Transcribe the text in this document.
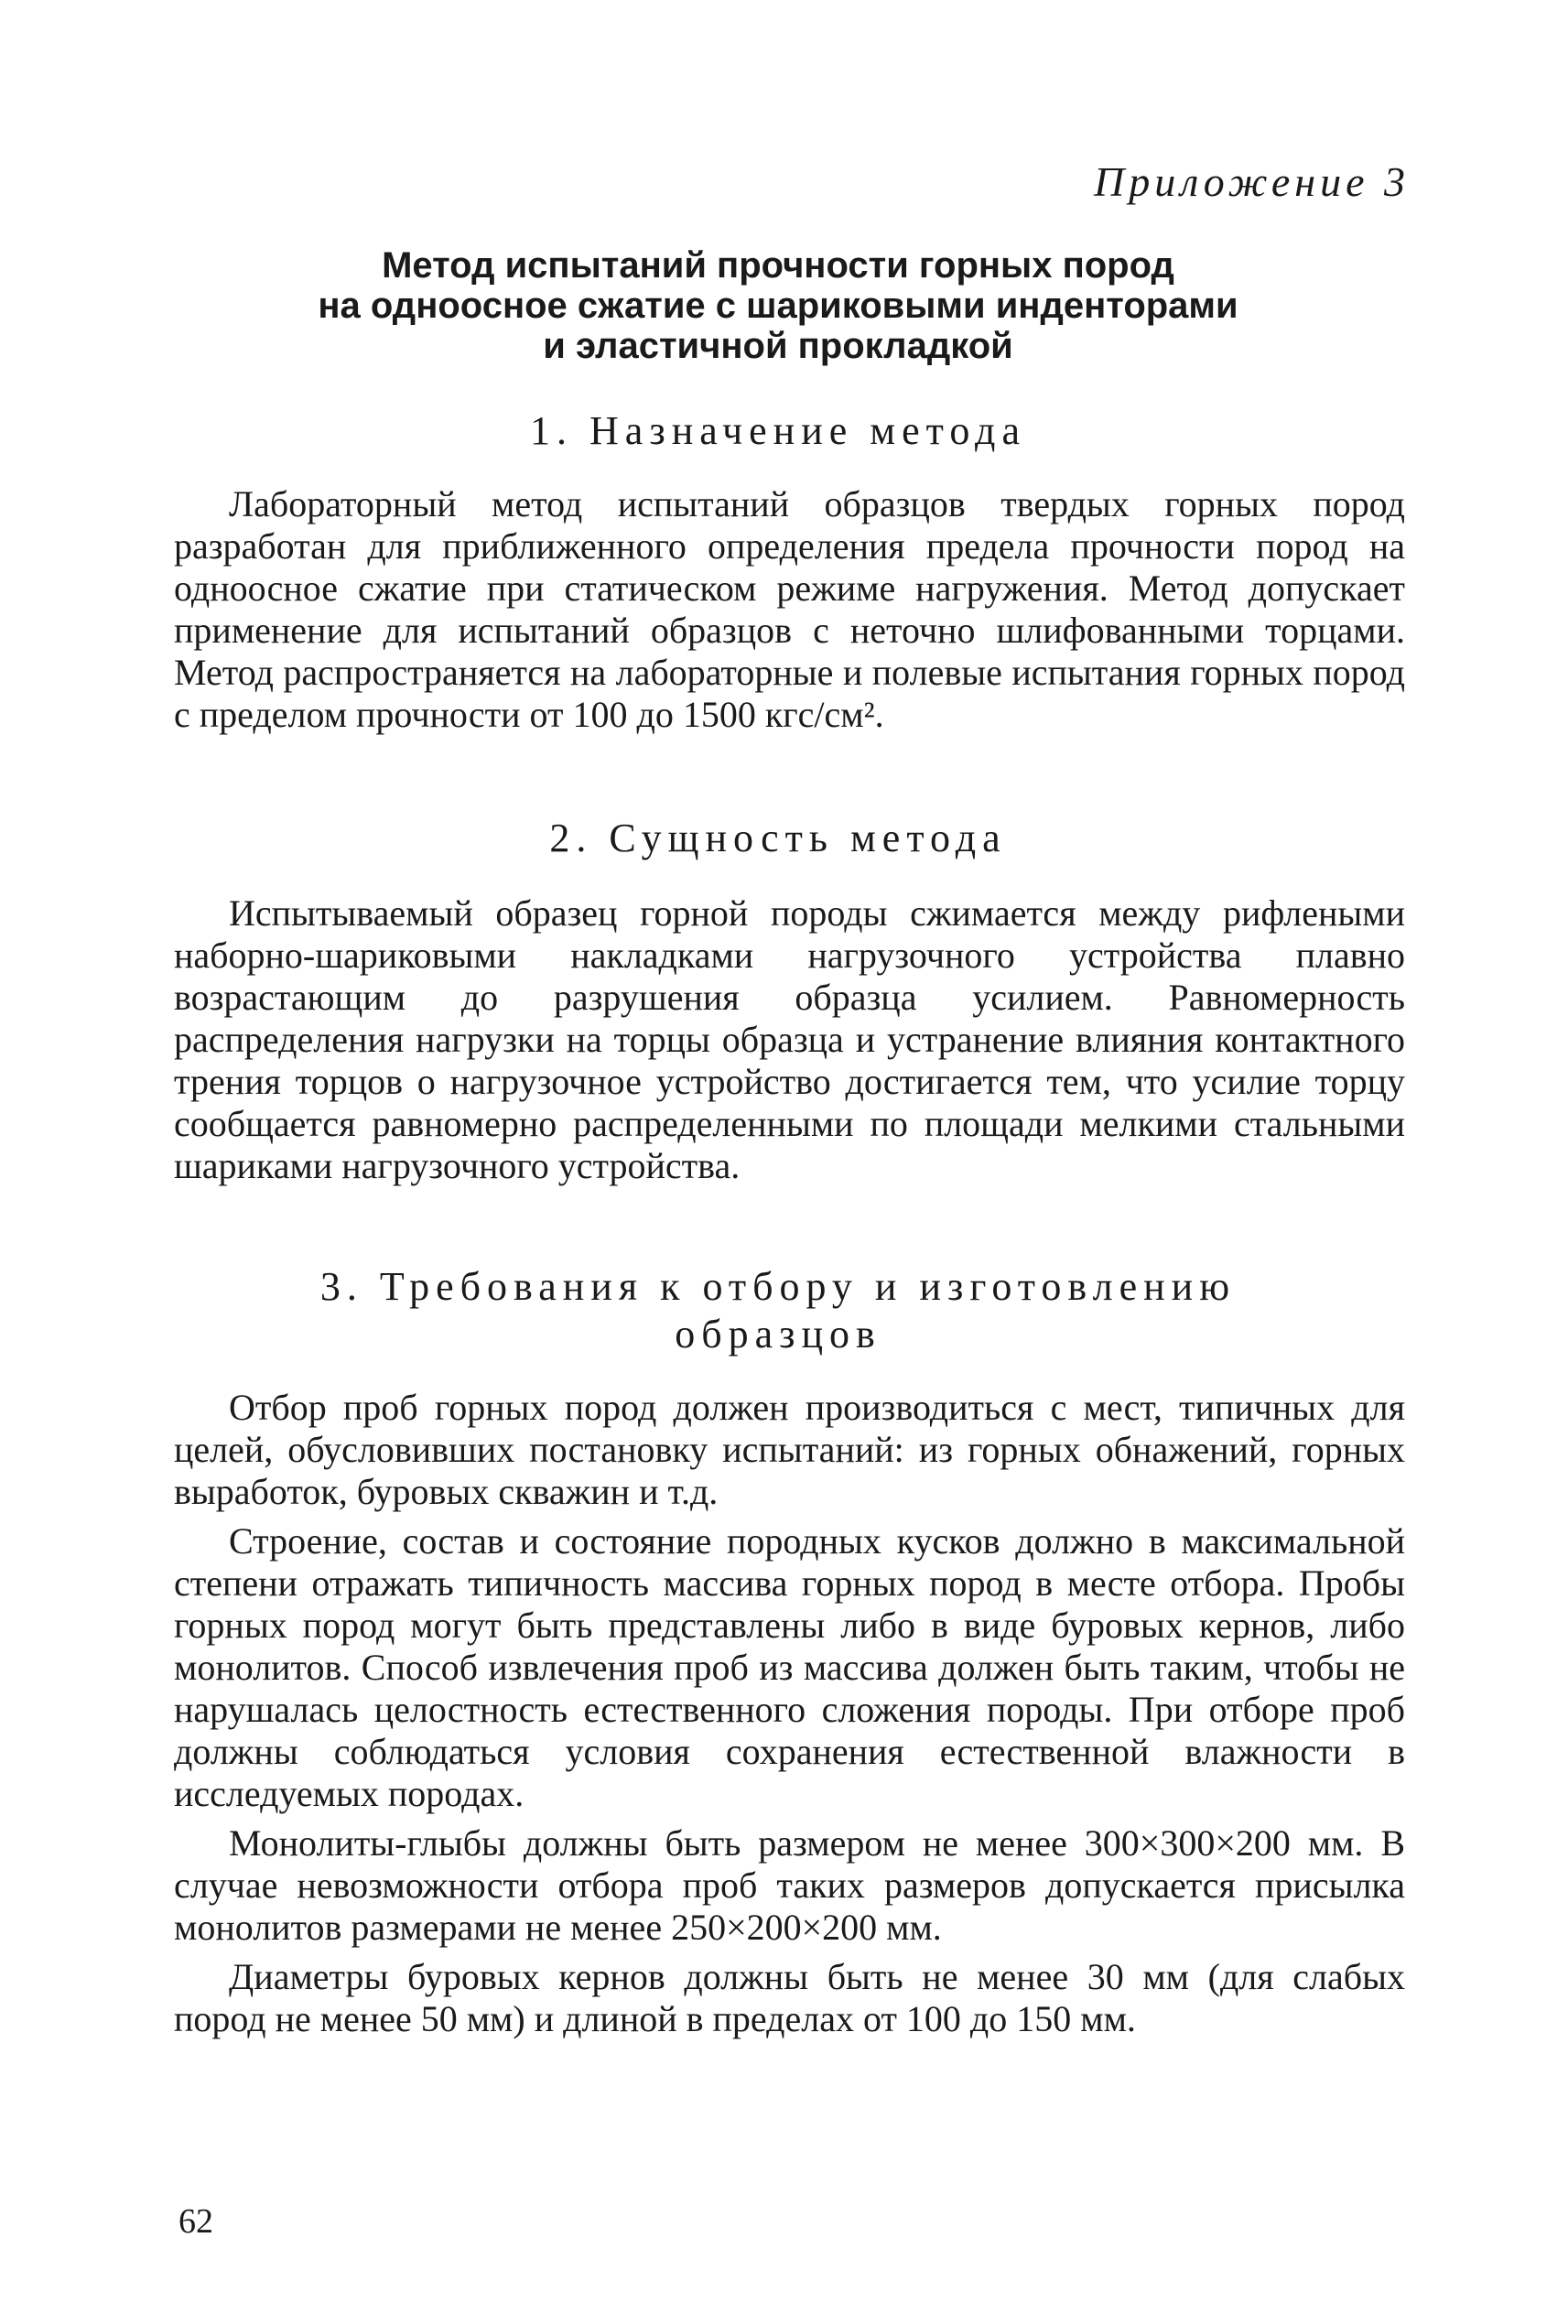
Приложение 3
Метод испытаний прочности горных пород
на одноосное сжатие с шариковыми инденторами
и эластичной прокладкой
1. Назначение метода

Лабораторный метод испытаний образцов твердых горных пород разработан для приближенного определения предела прочности пород на одноосное сжатие при статическом режиме нагружения. Метод допускает применение для испытаний образцов с неточно шлифованными торцами. Метод распространяется на лабораторные и полевые испытания горных пород с пределом прочности от 100 до 1500 кгс/см².

2. Сущность метода

Испытываемый образец горной породы сжимается между рифлеными наборно-шариковыми накладками нагрузочного устройства плавно возрастающим до разрушения образца усилием. Равномерность распределения нагрузки на торцы образца и устранение влияния контактного трения торцов о нагрузочное устройство достигается тем, что усилие торцу сообщается равномерно распределенными по площади мелкими стальными шариками нагрузочного устройства.

3. Требования к отбору и изготовлению
образцов

Отбор проб горных пород должен производиться с мест, типичных для целей, обусловивших постановку испытаний: из горных обнажений, горных выработок, буровых скважин и т.д.

Строение, состав и состояние породных кусков должно в максимальной степени отражать типичность массива горных пород в месте отбора. Пробы горных пород могут быть представлены либо в виде буровых кернов, либо монолитов. Способ извлечения проб из массива должен быть таким, чтобы не нарушалась целостность естественного сложения породы. При отборе проб должны соблюдаться условия сохранения естественной влажности в исследуемых породах.

Монолиты-глыбы должны быть размером не менее 300×300×200 мм. В случае невозможности отбора проб таких размеров допускается присылка монолитов размерами не менее 250×200×200 мм.

Диаметры буровых кернов должны быть не менее 30 мм (для слабых пород не менее 50 мм) и длиной в пределах от 100 до 150 мм.

62
